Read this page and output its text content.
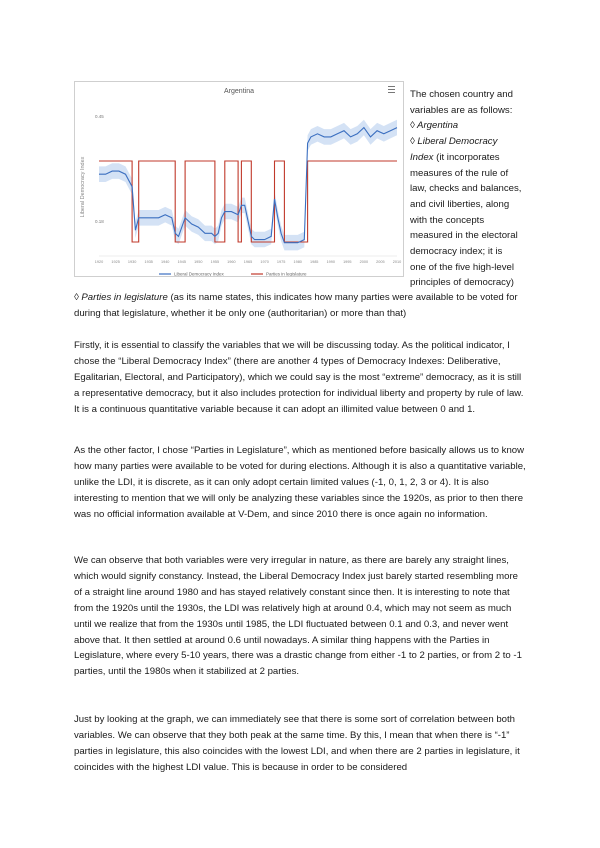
Argentina
Liberal Democracy Index
0.45
0.18
1920 1925 1930 1935 1940 1945 1950 1955 1960 1965 1970 1975 1980 1985 1990 1995 2000 2005 2010
Liberal Democracy Index	Parties in legislature
The chosen country and
variables are as follows:
◊ Argentina
◊ Liberal Democracy
Index (it incorporates
measures of the rule of
law, checks and balances,
and civil liberties, along
with the concepts
measured in the electoral
democracy index; it is
one of the five high-level
principles of democracy)

◊ Parties in legislature (as its name states, this indicates how many parties were available to be voted for during that legislature, whether it be only one (authoritarian) or more than that)

Firstly, it is essential to classify the variables that we will be discussing today. As the political indicator, I chose the “Liberal Democracy Index” (there are another 4 types of Democracy Indexes: Deliberative, Egalitarian, Electoral, and Participatory), which we could say is the most “extreme” democracy, as it is still a representative democracy, but it also includes protection for individual liberty and property by rule of law. It is a continuous quantitative variable because it can adopt an illimited value between 0 and 1.

As the other factor, I chose “Parties in Legislature”, which as mentioned before basically allows us to know how many parties were available to be voted for during elections. Although it is also a quantitative variable, unlike the LDI, it is discrete, as it can only adopt certain limited values (-1, 0, 1, 2, 3 or 4). It is also interesting to mention that we will only be analyzing these variables since the 1920s, as prior to then there was no official information available at V-Dem, and since 2010 there is once again no information.

We can observe that both variables were very irregular in nature, as there are barely any straight lines, which would signify constancy. Instead, the Liberal Democracy Index just barely started resembling more of a straight line around 1980 and has stayed relatively constant since then. It is interesting to note that from the 1920s until the 1930s, the LDI was relatively high at around 0.4, which may not seem as much until we realize that from the 1930s until 1985, the LDI fluctuated between 0.1 and 0.3, and never went above that. It then settled at around 0.6 until nowadays. A similar thing happens with the Parties in Legislature, where every 5-10 years, there was a drastic change from either -1 to 2 parties, or from 2 to -1 parties, until the 1980s when it stabilized at 2 parties.

Just by looking at the graph, we can immediately see that there is some sort of correlation between both variables. We can observe that they both peak at the same time. By this, I mean that when there is “-1” parties in legislature, this also coincides with the lowest LDI, and when there are 2 parties in legislature, it coincides with the highest LDI value. This is because in order to be considered
